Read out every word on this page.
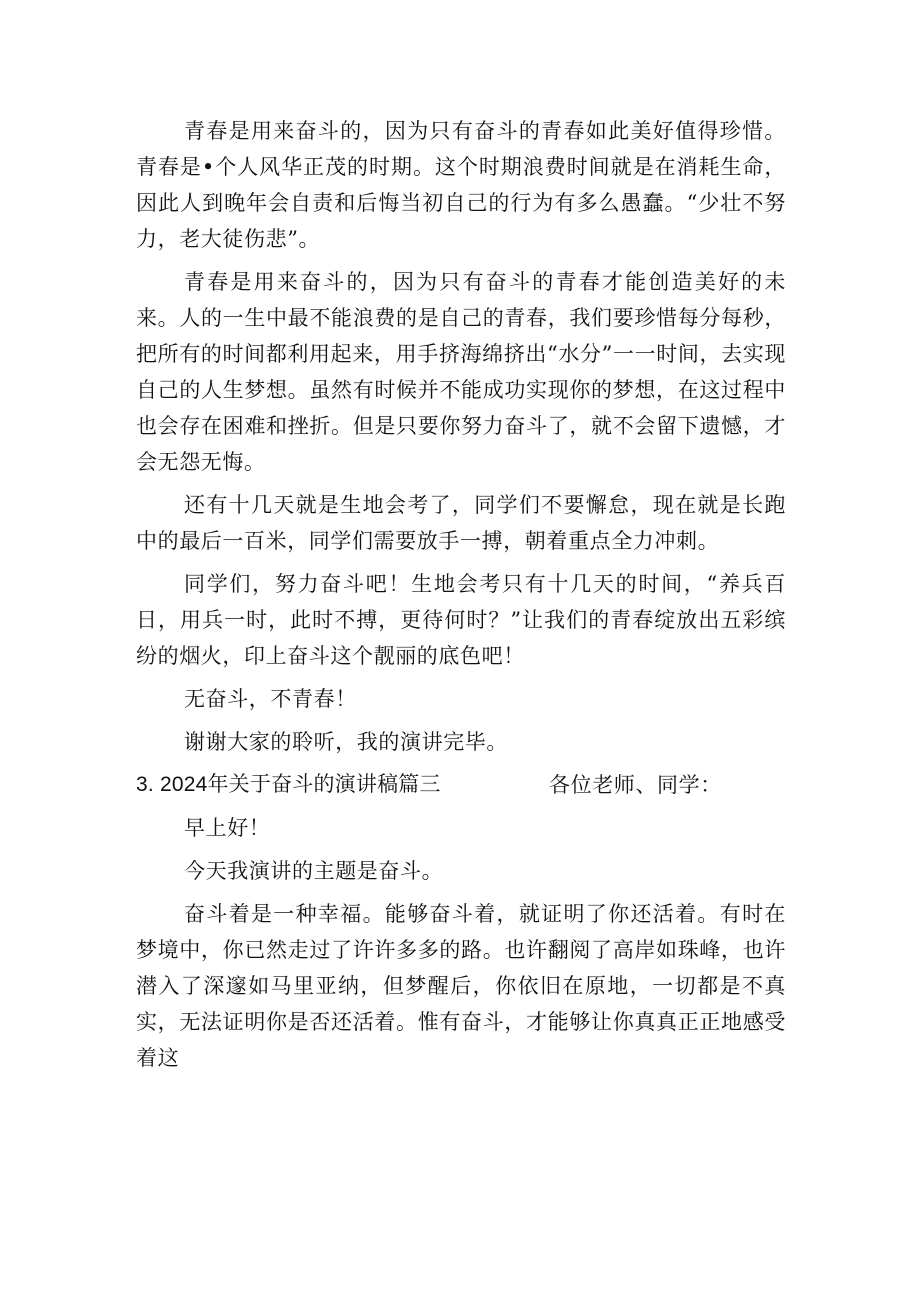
青春是用来奋斗的，因为只有奋斗的青春如此美好值得珍惜。青春是•个人风华正茂的时期。这个时期浪费时间就是在消耗生命，因此人到晚年会自责和后悔当初自己的行为有多么愚蠢。“少壮不努力，老大徒伤悲”。

青春是用来奋斗的，因为只有奋斗的青春才能创造美好的未来。人的一生中最不能浪费的是自己的青春，我们要珍惜每分每秒，把所有的时间都利用起来，用手挤海绵挤出“水分”一一时间，去实现自己的人生梦想。虽然有时候并不能成功实现你的梦想，在这过程中也会存在困难和挫折。但是只要你努力奋斗了，就不会留下遗憾，才会无怨无悔。

还有十几天就是生地会考了，同学们不要懈怠，现在就是长跑中的最后一百米，同学们需要放手一搏，朝着重点全力冲刺。

同学们，努力奋斗吧！生地会考只有十几天的时间，“养兵百日，用兵一时，此时不搏，更待何时？”让我们的青春绽放出五彩缤纷的烟火，印上奋斗这个靓丽的底色吧！

无奋斗，不青春！

谢谢大家的聆听，我的演讲完毕。

3. 2024年关于奋斗的演讲稿篇三	各位老师、同学：

早上好！

今天我演讲的主题是奋斗。

奋斗着是一种幸福。能够奋斗着，就证明了你还活着。有时在梦境中，你已然走过了许许多多的路。也许翻阅了高岸如珠峰，也许潜入了深邃如马里亚纳，但梦醒后，你依旧在原地，一切都是不真实，无法证明你是否还活着。惟有奋斗，才能够让你真真正正地感受着这
